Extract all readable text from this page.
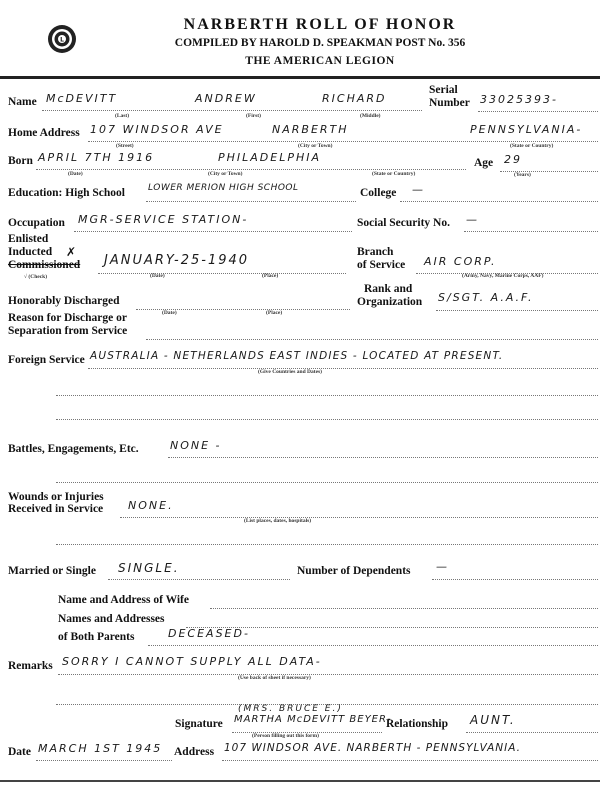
L
NARBERTH ROLL OF HONOR
COMPILED BY HAROLD D. SPEAKMAN POST No. 356
THE AMERICAN LEGION
Name McDEVITT	ANDREW	RICHARD
(Last)	(First)	(Middle)
Serial
Number 33025393-
Home Address 107 WINDSOR AVE	NARBERTH	PENNSYLVANIA-
(Street)	(City or Town)	(State or Country)
Born APRIL 7TH 1916	PHILADELPHIA
(Date)	(City or Town)	(State or Country)
Age 29
(Years)
Education: High School	LOWER MERION HIGH SCHOOL	College —
Occupation MGR-SERVICE STATION-	Social Security No. —
Enlisted
Inducted ✗
Commissioned
√ (Check)
JANUARY-25-1940
(Date)	(Place)
Branch
of Service AIR CORP.
(Army, Navy, Marine Corps, AAF)
Honorably Discharged
(Date)	(Place)
Rank and
Organization S/SGT. A.A.F.
Reason for Discharge or
Separation from Service
Foreign Service AUSTRALIA - NETHERLANDS EAST INDIES - LOCATED AT PRESENT.
(Give Countries and Dates)
Battles, Engagements, Etc.	NONE -
Wounds or Injuries
Received in Service NONE.
(List places, dates, hospitals)
Married or Single SINGLE.	Number of Dependents —
Name and Address of Wife
Names and Addresses
of Both Parents	DECEASED-
Remarks SORRY I CANNOT SUPPLY ALL DATA-
(Use back of sheet if necessary)
(MRS. BRUCE E.)
Signature MARTHA McDEVITT BEYER-
(Person filling out this form)
Relationship AUNT.
Date MARCH 1ST 1945 Address 107 WINDSOR AVE. NARBERTH - PENNSYLVANIA.
